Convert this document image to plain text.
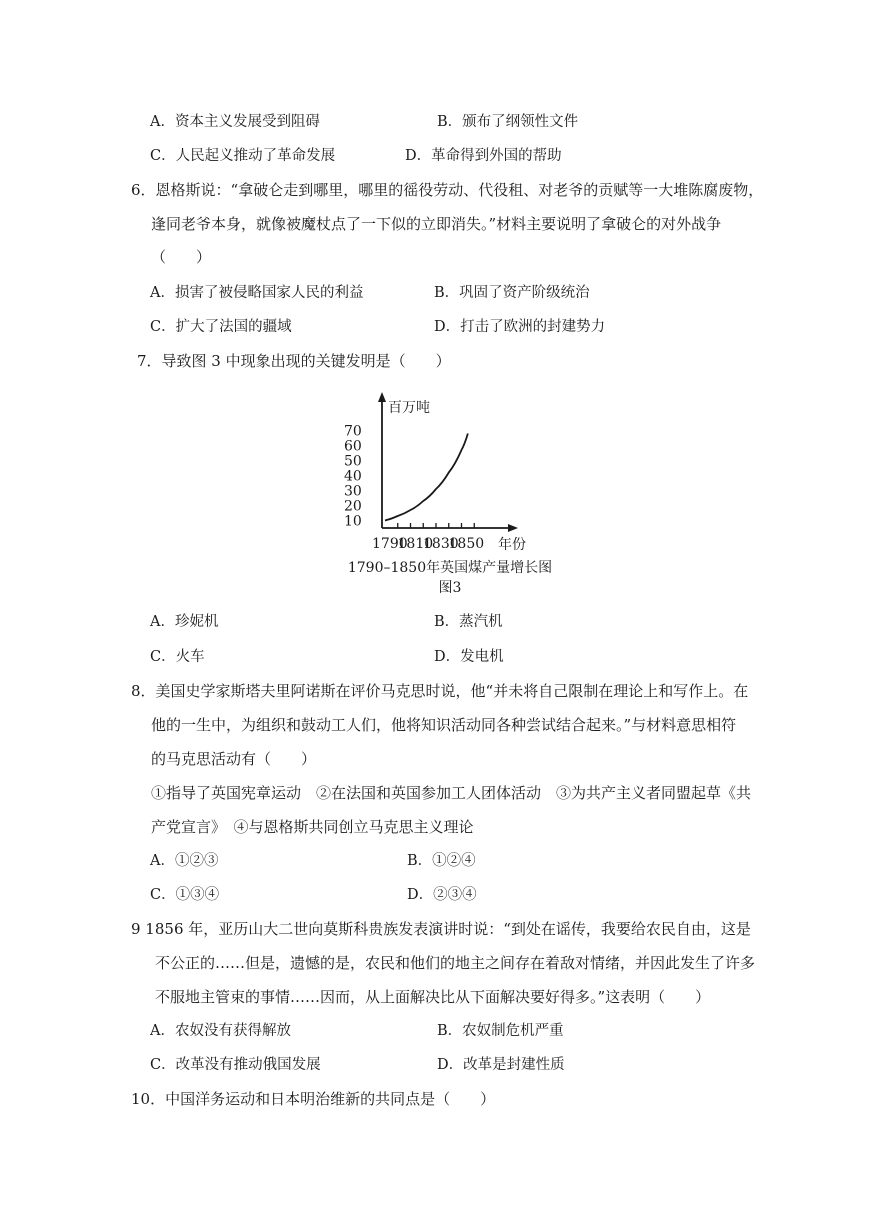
A．资本主义发展受到阻碍	B．颁布了纲领性文件
C．人民起义推动了革命发展	D．革命得到外国的帮助
6．恩格斯说：“拿破仑走到哪里，哪里的徭役劳动、代役租、对老爷的贡赋等一大堆陈腐废物，
逢同老爷本身，就像被魔杖点了一下似的立即消失。”材料主要说明了拿破仑的对外战争
（　　）
A．损害了被侵略国家人民的利益	B．巩固了资产阶级统治
C．扩大了法国的疆域	D．打击了欧洲的封建势力
7．导致图 3 中现象出现的关键发明是（　　）
10
20
30
40
50
60
70
1790
1810
1830
1850
百万吨
年份
1790–1850年英国煤产量增长图
图3
A．珍妮机	B．蒸汽机
C．火车	D．发电机
8．美国史学家斯塔夫里阿诺斯在评价马克思时说，他“并未将自己限制在理论上和写作上。在
他的一生中，为组织和鼓动工人们，他将知识活动同各种尝试结合起来。”与材料意思相符
的马克思活动有（　　）
①指导了英国宪章运动　②在法国和英国参加工人团体活动　③为共产主义者同盟起草《共
产党宣言》　④与恩格斯共同创立马克思主义理论
A．①②③	B．①②④
C．①③④	D．②③④
9 1856 年，亚历山大二世向莫斯科贵族发表演讲时说：“到处在谣传，我要给农民自由，这是
不公正的……但是，遗憾的是，农民和他们的地主之间存在着敌对情绪，并因此发生了许多
不服地主管束的事情……因而，从上面解决比从下面解决要好得多。”这表明（　　）
A．农奴没有获得解放	B．农奴制危机严重
C．改革没有推动俄国发展	D．改革是封建性质
10．中国洋务运动和日本明治维新的共同点是（　　）
